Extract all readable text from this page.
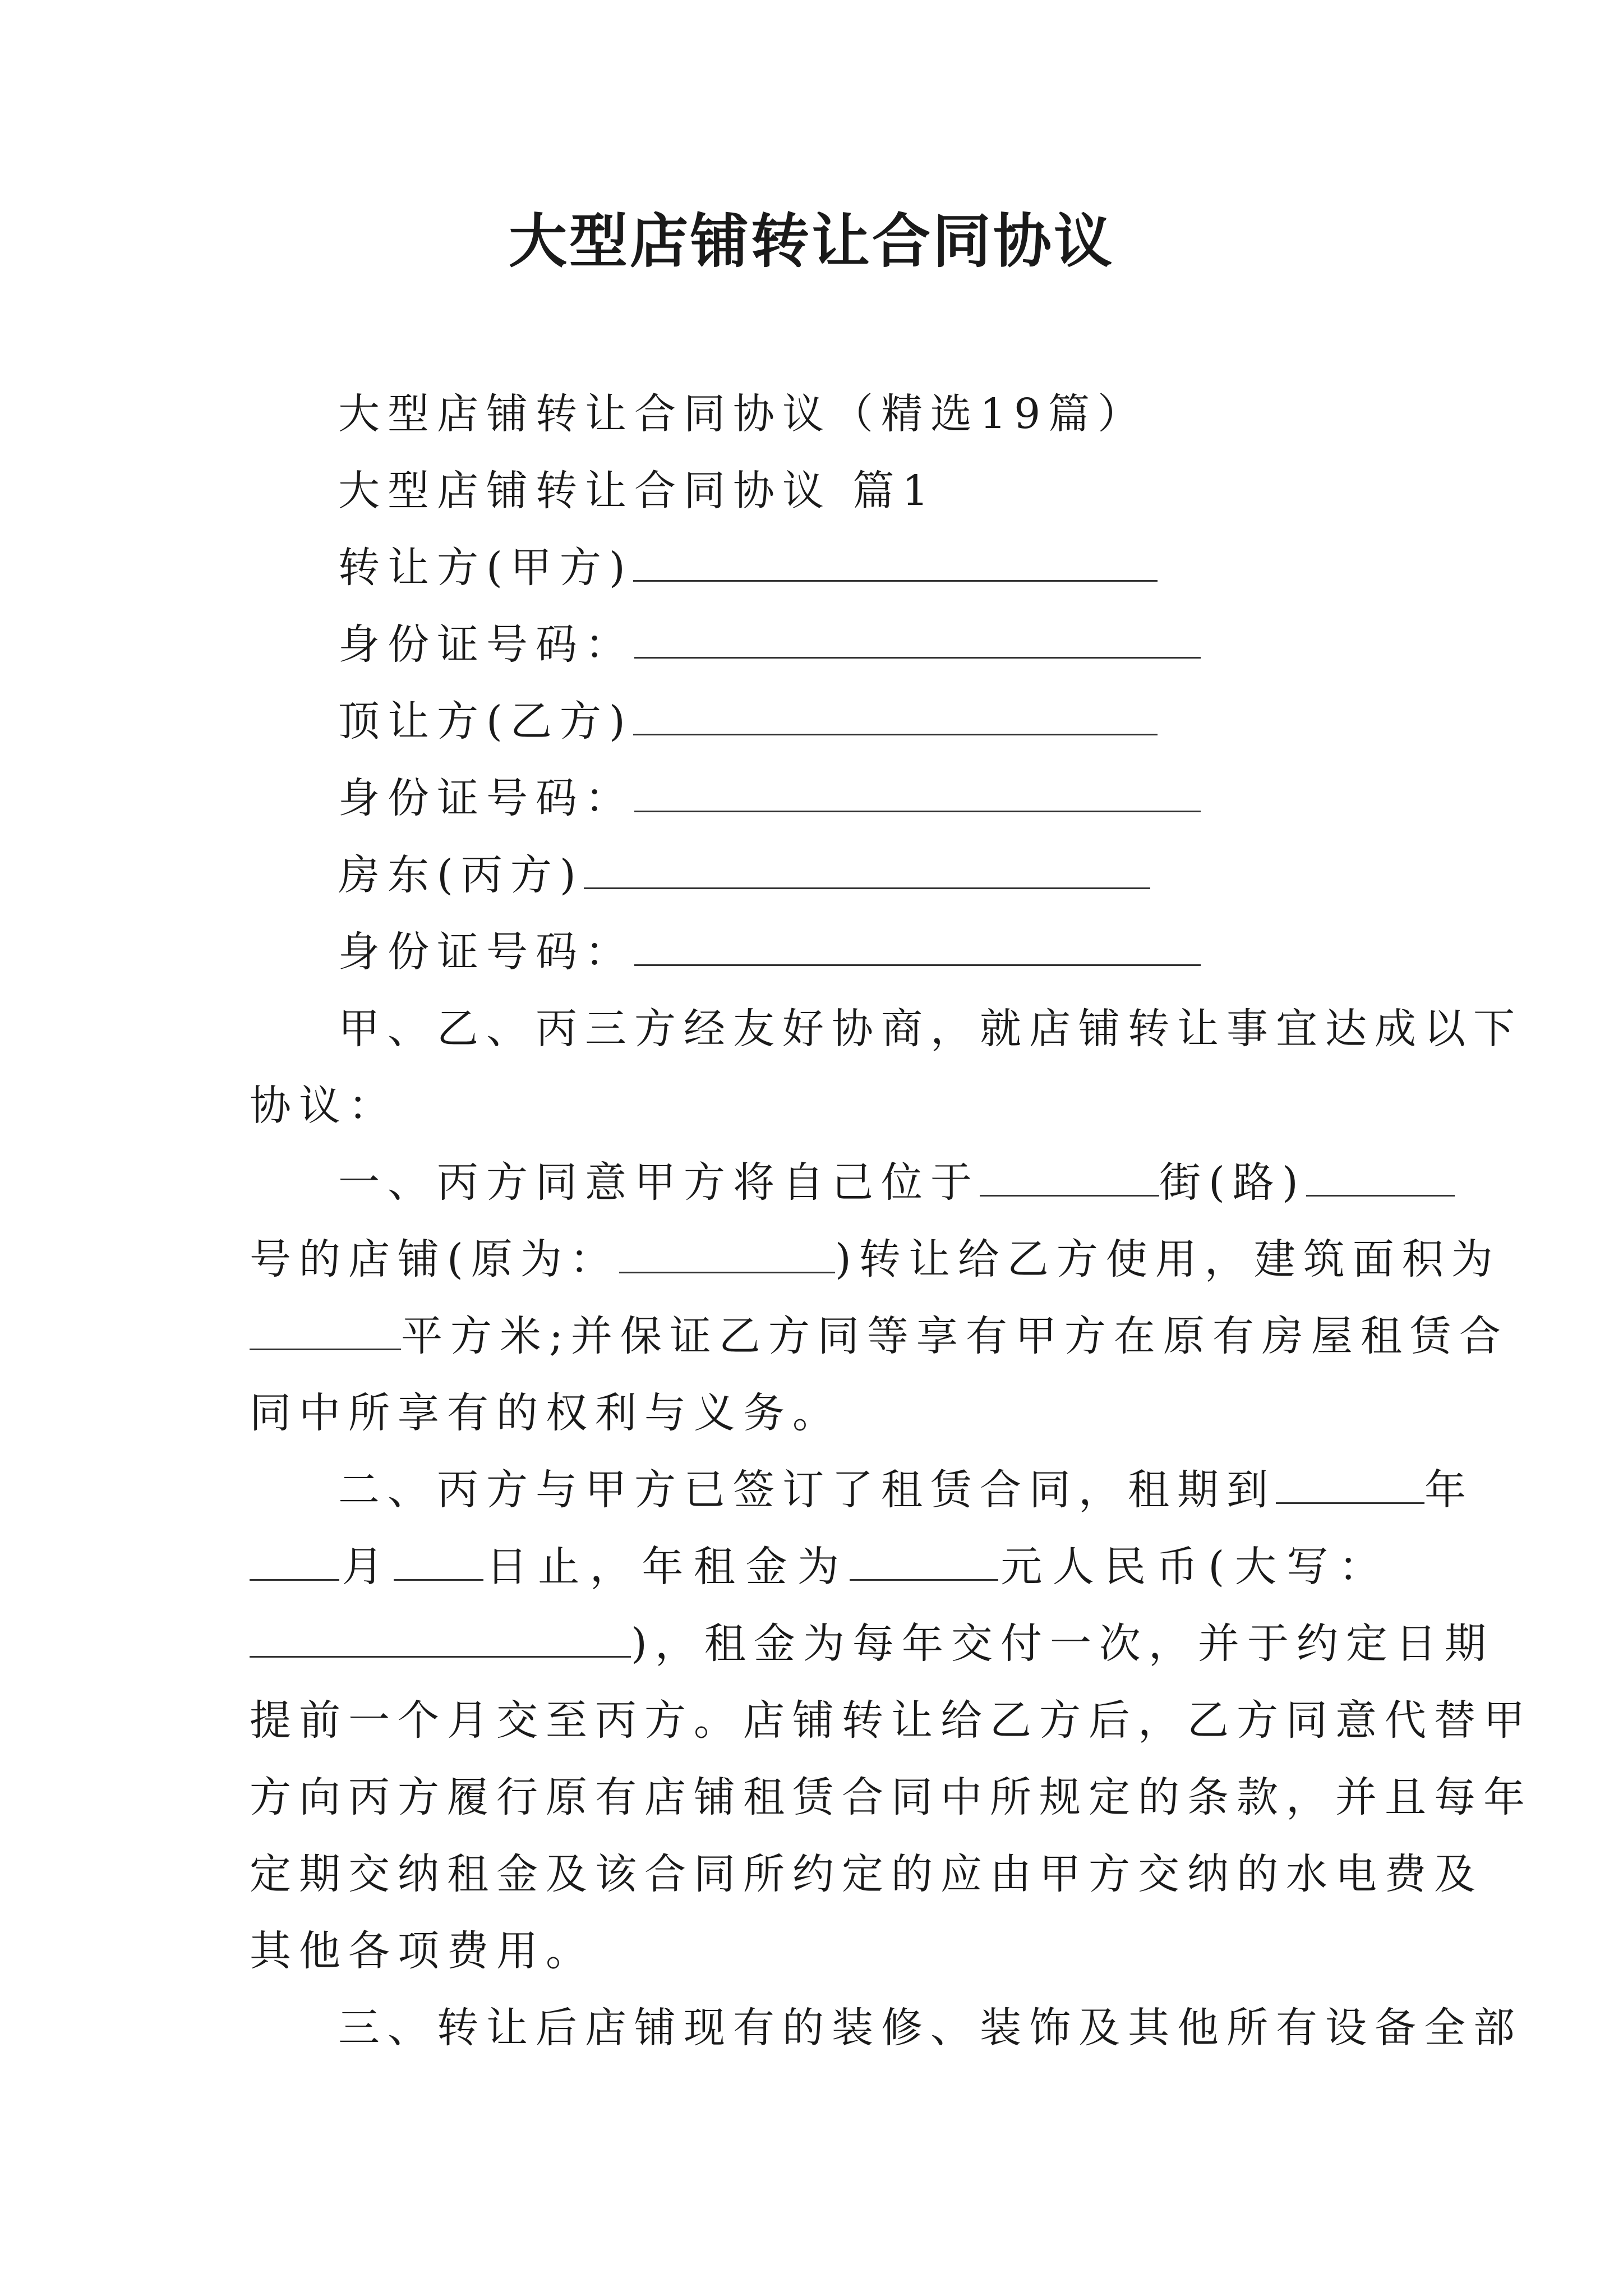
大型店铺转让合同协议
大型店铺转让合同协议（精选19篇）
大型店铺转让合同协议 篇1
转让方(甲方)
身份证号码：
顶让方(乙方)
身份证号码：
房东(丙方)
身份证号码：
甲、乙、丙三方经友好协商，就店铺转让事宜达成以下
协议：
一、丙方同意甲方将自己位于	街(路)
号的店铺(原为：	)转让给乙方使用，建筑面积为
平方米;并保证乙方同等享有甲方在原有房屋租赁合
同中所享有的权利与义务。
二、丙方与甲方已签订了租赁合同，租期到	年
月 日止，年租金为	元人民币(大写：
)，租金为每年交付一次，并于约定日期
提前一个月交至丙方。店铺转让给乙方后，乙方同意代替甲
方向丙方履行原有店铺租赁合同中所规定的条款，并且每年
定期交纳租金及该合同所约定的应由甲方交纳的水电费及
其他各项费用。
三、转让后店铺现有的装修、装饰及其他所有设备全部
